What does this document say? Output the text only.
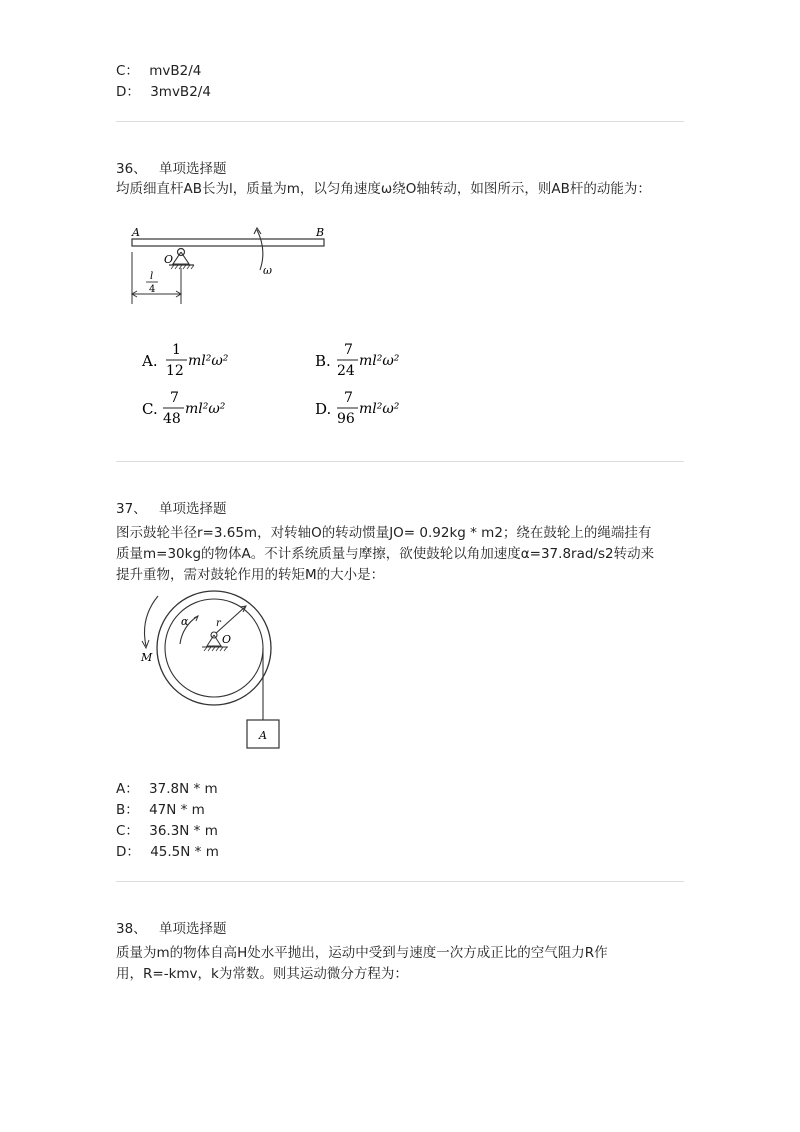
C： mvB2/4
D： 3mvB2/4
36、 单项选择题
均质细直杆AB长为l，质量为m，以匀角速度ω绕O轴转动，如图所示，则AB杆的动能为：
A	B
O
ω
l
4
A.
1
12
ml²ω²	B.
7
24
ml²ω²
C.
7
48
ml²ω²	D.
7
96
ml²ω²
37、 单项选择题
图示鼓轮半径r=3.65m，对转轴O的转动惯量JO= 0.92kg * m2；绕在鼓轮上的绳端挂有
质量m=30kg的物体A。不计系统质量与摩擦，欲使鼓轮以角加速度α=37.8rad/s2转动来
提升重物，需对鼓轮作用的转矩M的大小是：
α
M
r
O
A
A： 37.8N * m
B： 47N * m
C： 36.3N * m
D： 45.5N * m
38、 单项选择题
质量为m的物体自高H处水平抛出，运动中受到与速度一次方成正比的空气阻力R作
用，R=-kmv，k为常数。则其运动微分方程为：
